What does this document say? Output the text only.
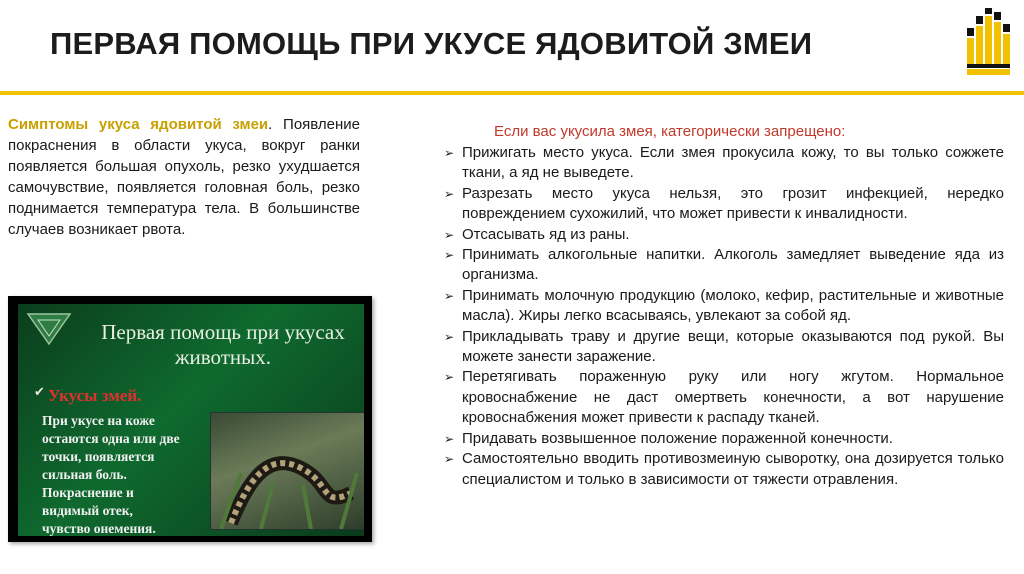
ПЕРВАЯ ПОМОЩЬ ПРИ УКУСЕ ЯДОВИТОЙ ЗМЕИ
Симптомы укуса ядовитой змеи. Появление покраснения в области укуса, вокруг ранки появляется большая опухоль, резко ухудшается самочувствие, появляется головная боль, резко поднимается температура тела. В большинстве случаев возникает рвота.
Первая помощь при укусах животных.
✔ Укусы змей.
При укусе на коже
остаются одна или две
точки, появляется
сильная боль.
Покраснение и
видимый отек,
чувство онемения.
Если вас укусила змея, категорически запрещено:
➢ Прижигать место укуса. Если змея прокусила кожу, то вы только сожжете ткани, а яд не выведете.
➢ Разрезать место укуса нельзя, это грозит инфекцией, нередко повреждением сухожилий, что может привести к инвалидности.
➢ Отсасывать яд из раны.
➢ Принимать алкогольные напитки. Алкоголь замедляет выведение яда из организма.
➢ Принимать молочную продукцию (молоко, кефир, растительные и животные масла). Жиры легко всасываясь, увлекают за собой яд.
➢ Прикладывать траву и другие вещи, которые оказываются под рукой. Вы можете занести заражение.
➢ Перетягивать пораженную руку или ногу жгутом. Нормальное кровоснабжение не даст омертветь конечности, а вот нарушение кровоснабжения может привести к распаду тканей.
➢ Придавать возвышенное положение пораженной конечности.
➢ Самостоятельно вводить противозмеиную сыворотку, она дозируется только специалистом и только в зависимости от тяжести отравления.
